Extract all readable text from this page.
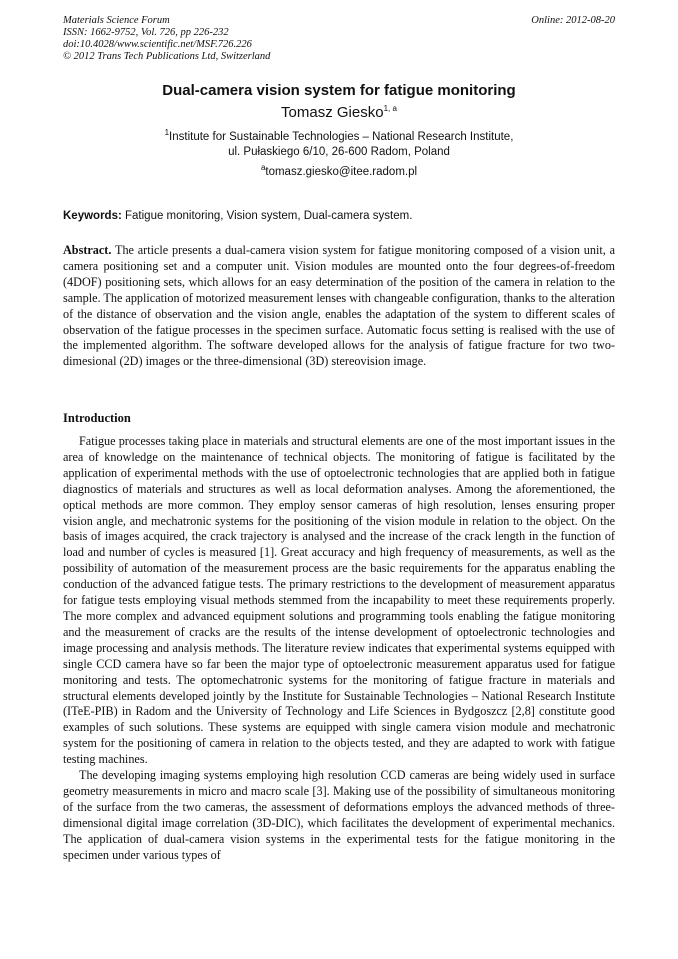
Materials Science Forum
ISSN: 1662-9752, Vol. 726, pp 226-232
doi:10.4028/www.scientific.net/MSF.726.226
© 2012 Trans Tech Publications Ltd, Switzerland
Online: 2012-08-20
Dual-camera vision system for fatigue monitoring
Tomasz Giesko$^{1, a}$
$^1$Institute for Sustainable Technologies – National Research Institute,
ul. Pułaskiego 6/10, 26-600 Radom, Poland
$^a$tomasz.giesko@itee.radom.pl
Keywords: Fatigue monitoring, Vision system, Dual-camera system.

Abstract. The article presents a dual-camera vision system for fatigue monitoring composed of a vision unit, a camera positioning set and a computer unit. Vision modules are mounted onto the four degrees-of-freedom (4DOF) positioning sets, which allows for an easy determination of the position of the camera in relation to the sample. The application of motorized measurement lenses with changeable configuration, thanks to the alteration of the distance of observation and the vision angle, enables the adaptation of the system to different scales of observation of the fatigue processes in the specimen surface. Automatic focus setting is realised with the use of the implemented algorithm. The software developed allows for the analysis of fatigue fracture for two two-dimesional (2D) images or the three-dimensional (3D) stereovision image.

Introduction

Fatigue processes taking place in materials and structural elements are one of the most important issues in the area of knowledge on the maintenance of technical objects. The monitoring of fatigue is facilitated by the application of experimental methods with the use of optoelectronic technologies that are applied both in fatigue diagnostics of materials and structures as well as local deformation analyses. Among the aforementioned, the optical methods are more common. They employ sensor cameras of high resolution, lenses ensuring proper vision angle, and mechatronic systems for the positioning of the vision module in relation to the object. On the basis of images acquired, the crack trajectory is analysed and the increase of the crack length in the function of load and number of cycles is measured [1]. Great accuracy and high frequency of measurements, as well as the possibility of automation of the measurement process are the basic requirements for the apparatus enabling the conduction of the advanced fatigue tests. The primary restrictions to the development of measurement apparatus for fatigue tests employing visual methods stemmed from the incapability to meet these requirements properly. The more complex and advanced equipment solutions and programming tools enabling the fatigue monitoring and the measurement of cracks are the results of the intense development of optoelectronic technologies and image processing and analysis methods. The literature review indicates that experimental systems equipped with single CCD camera have so far been the major type of optoelectronic measurement apparatus used for fatigue monitoring and tests. The optomechatronic systems for the monitoring of fatigue fracture in materials and structural elements developed jointly by the Institute for Sustainable Technologies – National Research Institute (ITeE-PIB) in Radom and the University of Technology and Life Sciences in Bydgoszcz [2,8] constitute good examples of such solutions. These systems are equipped with single camera vision module and mechatronic system for the positioning of camera in relation to the objects tested, and they are adapted to work with fatigue testing machines.

The developing imaging systems employing high resolution CCD cameras are being widely used in surface geometry measurements in micro and macro scale [3]. Making use of the possibility of simultaneous monitoring of the surface from the two cameras, the assessment of deformations employs the advanced methods of three-dimensional digital image correlation (3D-DIC), which facilitates the development of experimental mechanics. The application of dual-camera vision systems in the experimental tests for the fatigue monitoring in the specimen under various types of
